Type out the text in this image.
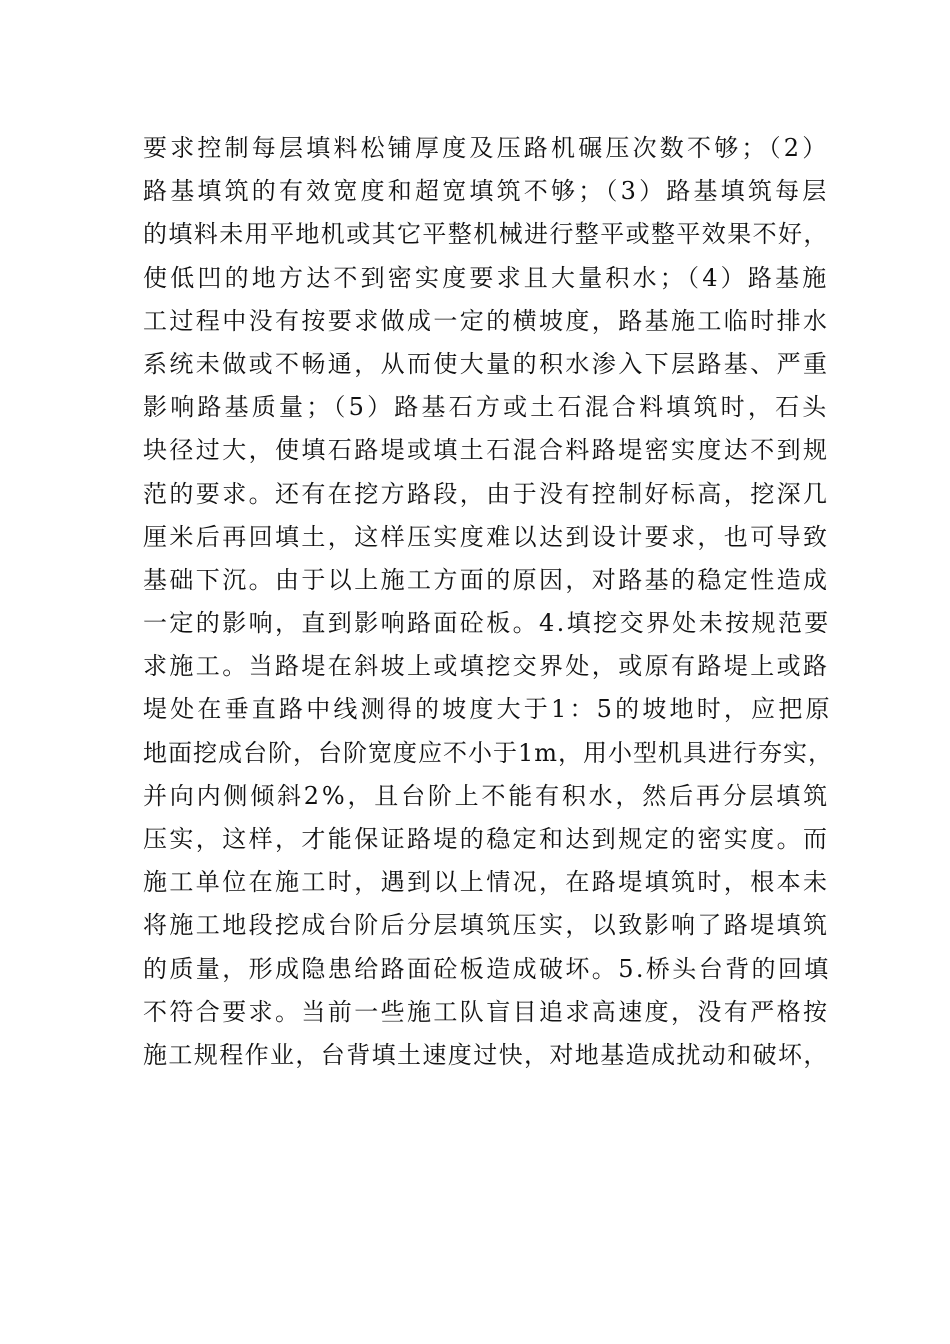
要求控制每层填料松铺厚度及压路机碾压次数不够；（2）
路基填筑的有效宽度和超宽填筑不够；（3）路基填筑每层
的填料未用平地机或其它平整机械进行整平或整平效果不好，
使低凹的地方达不到密实度要求且大量积水；（4）路基施
工过程中没有按要求做成一定的横坡度，路基施工临时排水
系统未做或不畅通，从而使大量的积水渗入下层路基、严重
影响路基质量；（5）路基石方或土石混合料填筑时，石头
块径过大，使填石路堤或填土石混合料路堤密实度达不到规
范的要求。还有在挖方路段，由于没有控制好标高，挖深几
厘米后再回填土，这样压实度难以达到设计要求，也可导致
基础下沉。由于以上施工方面的原因，对路基的稳定性造成
一定的影响，直到影响路面砼板。4.填挖交界处未按规范要
求施工。当路堤在斜坡上或填挖交界处，或原有路堤上或路
堤处在垂直路中线测得的坡度大于1：5的坡地时，应把原
地面挖成台阶，台阶宽度应不小于1m，用小型机具进行夯实，
并向内侧倾斜2%，且台阶上不能有积水，然后再分层填筑
压实，这样，才能保证路堤的稳定和达到规定的密实度。而
施工单位在施工时，遇到以上情况，在路堤填筑时，根本未
将施工地段挖成台阶后分层填筑压实，以致影响了路堤填筑
的质量，形成隐患给路面砼板造成破坏。5.桥头台背的回填
不符合要求。当前一些施工队盲目追求高速度，没有严格按
施工规程作业，台背填土速度过快，对地基造成扰动和破坏，
